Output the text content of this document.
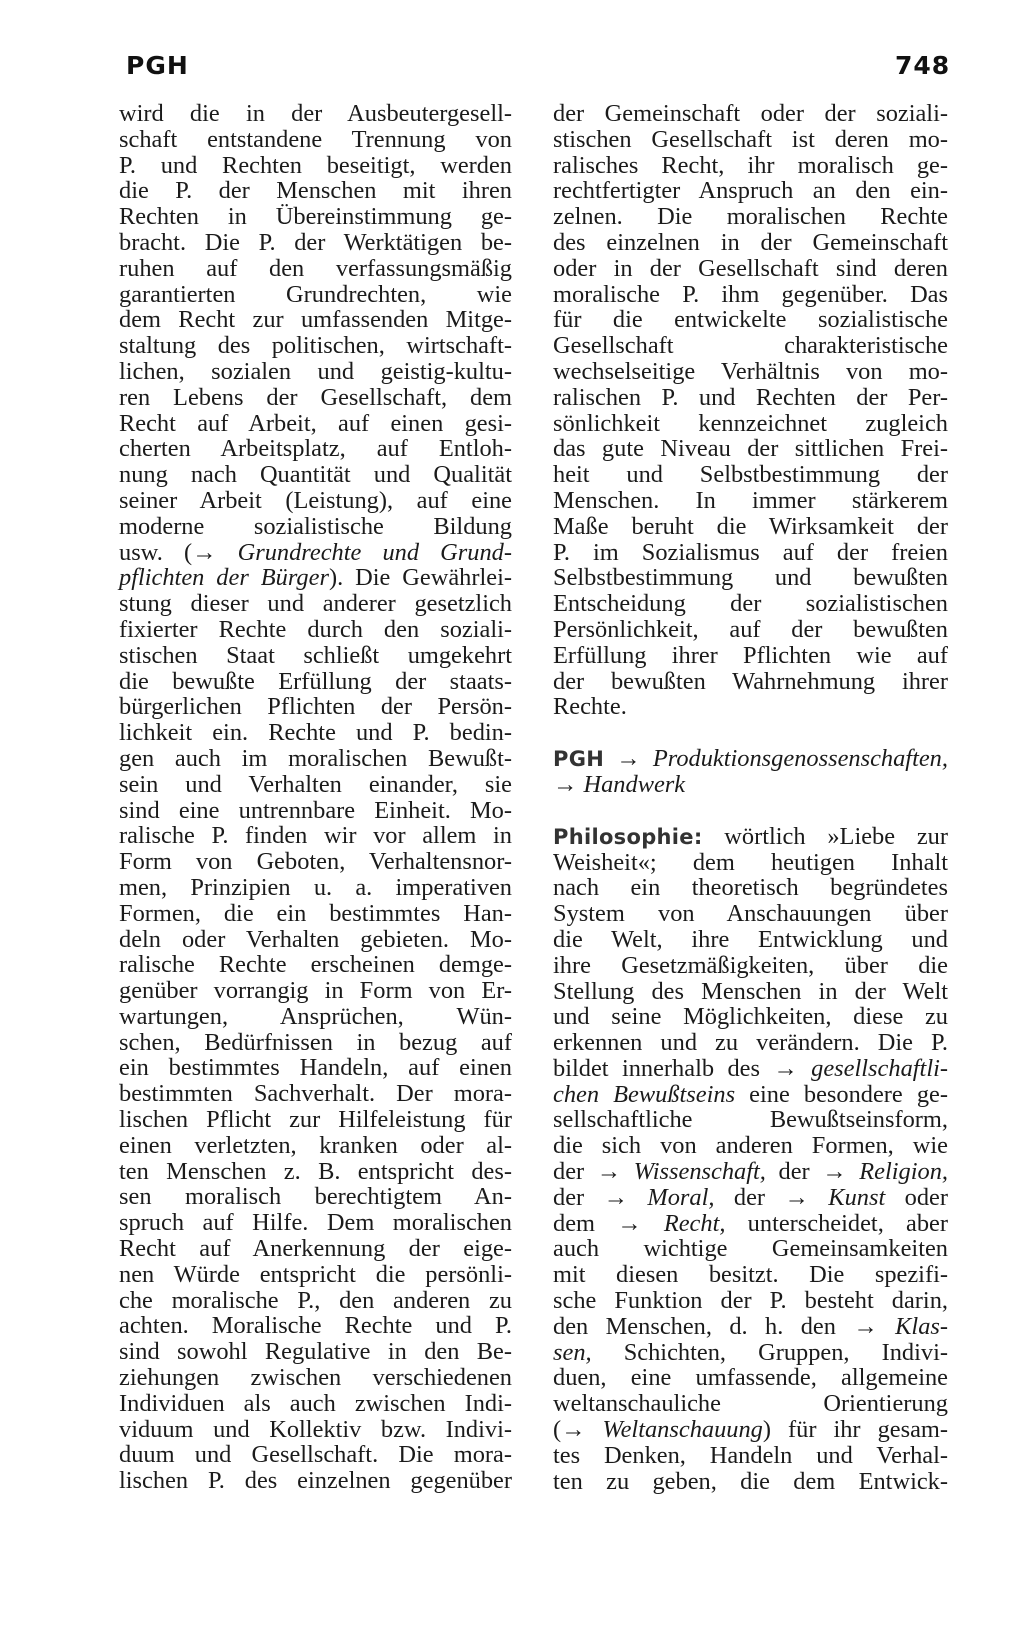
PGH	748
wird die in der Ausbeutergesell-
schaft entstandene Trennung von
P. und Rechten beseitigt, werden
die P. der Menschen mit ihren
Rechten in Übereinstimmung ge-
bracht. Die P. der Werktätigen be-
ruhen auf den verfassungsmäßig
garantierten Grundrechten, wie
dem Recht zur umfassenden Mitge-
staltung des politischen, wirtschaft-
lichen, sozialen und geistig-kultu-
ren Lebens der Gesellschaft, dem
Recht auf Arbeit, auf einen gesi-
cherten Arbeitsplatz, auf Entloh-
nung nach Quantität und Qualität
seiner Arbeit (Leistung), auf eine
moderne sozialistische Bildung
usw. (→ Grundrechte und Grund-
pflichten der Bürger). Die Gewährlei-
stung dieser und anderer gesetzlich
fixierter Rechte durch den soziali-
stischen Staat schließt umgekehrt
die bewußte Erfüllung der staats-
bürgerlichen Pflichten der Persön-
lichkeit ein. Rechte und P. bedin-
gen auch im moralischen Bewußt-
sein und Verhalten einander, sie
sind eine untrennbare Einheit. Mo-
ralische P. finden wir vor allem in
Form von Geboten, Verhaltensnor-
men, Prinzipien u. a. imperativen
Formen, die ein bestimmtes Han-
deln oder Verhalten gebieten. Mo-
ralische Rechte erscheinen demge-
genüber vorrangig in Form von Er-
wartungen, Ansprüchen, Wün-
schen, Bedürfnissen in bezug auf
ein bestimmtes Handeln, auf einen
bestimmten Sachverhalt. Der mora-
lischen Pflicht zur Hilfeleistung für
einen verletzten, kranken oder al-
ten Menschen z. B. entspricht des-
sen moralisch berechtigtem An-
spruch auf Hilfe. Dem moralischen
Recht auf Anerkennung der eige-
nen Würde entspricht die persönli-
che moralische P., den anderen zu
achten. Moralische Rechte und P.
sind sowohl Regulative in den Be-
ziehungen zwischen verschiedenen
Individuen als auch zwischen Indi-
viduum und Kollektiv bzw. Indivi-
duum und Gesellschaft. Die mora-
lischen P. des einzelnen gegenüber
der Gemeinschaft oder der soziali-
stischen Gesellschaft ist deren mo-
ralisches Recht, ihr moralisch ge-
rechtfertigter Anspruch an den ein-
zelnen. Die moralischen Rechte
des einzelnen in der Gemeinschaft
oder in der Gesellschaft sind deren
moralische P. ihm gegenüber. Das
für die entwickelte sozialistische
Gesellschaft charakteristische
wechselseitige Verhältnis von mo-
ralischen P. und Rechten der Per-
sönlichkeit kennzeichnet zugleich
das gute Niveau der sittlichen Frei-
heit und Selbstbestimmung der
Menschen. In immer stärkerem
Maße beruht die Wirksamkeit der
P. im Sozialismus auf der freien
Selbstbestimmung und bewußten
Entscheidung der sozialistischen
Persönlichkeit, auf der bewußten
Erfüllung ihrer Pflichten wie auf
der bewußten Wahrnehmung ihrer
Rechte.
PGH → Produktionsgenossenschaften,
→ Handwerk
Philosophie: wörtlich »Liebe zur
Weisheit«; dem heutigen Inhalt
nach ein theoretisch begründetes
System von Anschauungen über
die Welt, ihre Entwicklung und
ihre Gesetzmäßigkeiten, über die
Stellung des Menschen in der Welt
und seine Möglichkeiten, diese zu
erkennen und zu verändern. Die P.
bildet innerhalb des → gesellschaftli-
chen Bewußtseins eine besondere ge-
sellschaftliche Bewußtseinsform,
die sich von anderen Formen, wie
der → Wissenschaft, der → Religion,
der → Moral, der → Kunst oder
dem → Recht, unterscheidet, aber
auch wichtige Gemeinsamkeiten
mit diesen besitzt. Die spezifi-
sche Funktion der P. besteht darin,
den Menschen, d. h. den → Klas-
sen, Schichten, Gruppen, Indivi-
duen, eine umfassende, allgemeine
weltanschauliche Orientierung
(→ Weltanschauung) für ihr gesam-
tes Denken, Handeln und Verhal-
ten zu geben, die dem Entwick-
